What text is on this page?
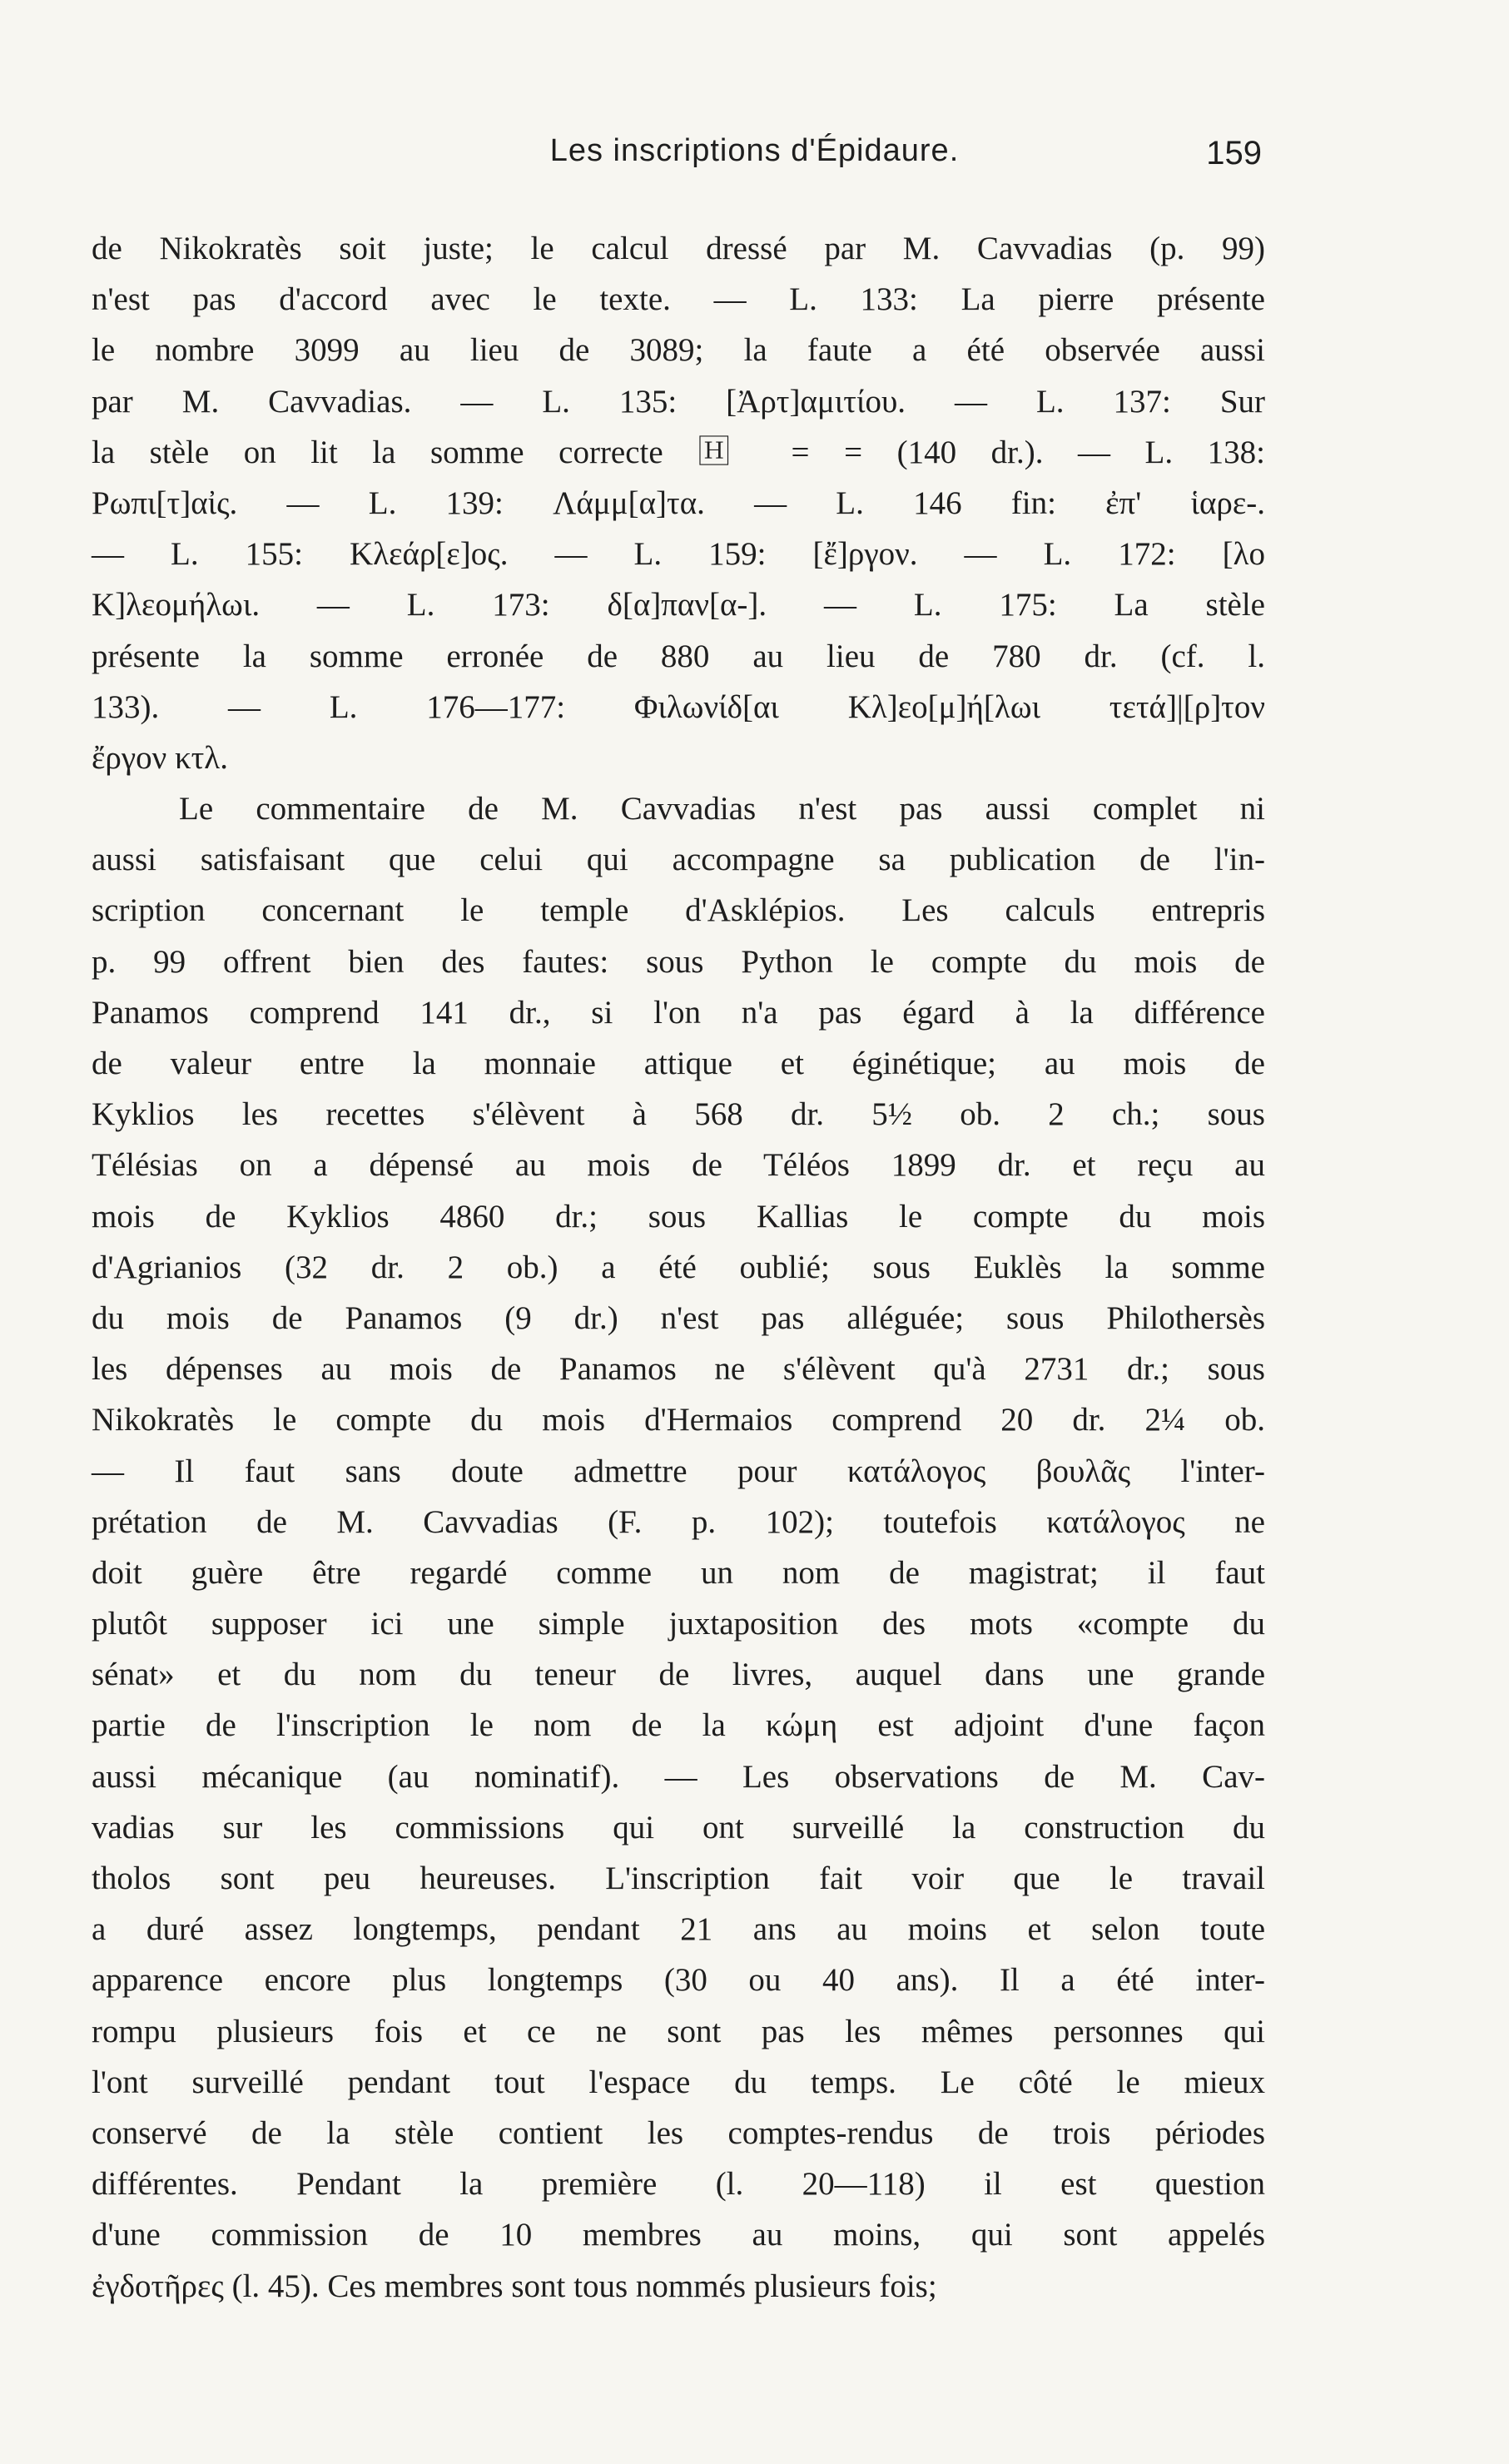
Les inscriptions d'Épidaure.	159
de Nikokratès soit juste; le calcul dressé par M. Cavvadias (p. 99)
n'est pas d'accord avec le texte. — L. 133: La pierre présente
le nombre 3099 au lieu de 3089; la faute a été observée aussi
par M. Cavvadias. — L. 135: [Ἀρτ]αμιτίου. — L. 137: Sur
la stèle on lit la somme correcte 🄷 = = (140 dr.). — L. 138:
Ρωπι[τ]αἰς. — L. 139: Λάμμ[α]τα. — L. 146 fin: ἐπ' ἱαρε-.
— L. 155: Κλεάρ[ε]ος. — L. 159: [ἔ]ργον. — L. 172: [λο
Κ]λεομήλωι. — L. 173: δ[α]παν[α-]. — L. 175: La stèle
présente la somme erronée de 880 au lieu de 780 dr. (cf. l.
133). — L. 176—177: Φιλωνίδ[αι Κλ]εο[μ]ή[λωι τετά]|[ρ]τον
ἔργον κτλ.
Le commentaire de M. Cavvadias n'est pas aussi complet ni
aussi satisfaisant que celui qui accompagne sa publication de l'in-
scription concernant le temple d'Asklépios. Les calculs entrepris
p. 99 offrent bien des fautes: sous Python le compte du mois de
Panamos comprend 141 dr., si l'on n'a pas égard à la différence
de valeur entre la monnaie attique et éginétique; au mois de
Kyklios les recettes s'élèvent à 568 dr. 5½ ob. 2 ch.; sous
Télésias on a dépensé au mois de Téléos 1899 dr. et reçu au
mois de Kyklios 4860 dr.; sous Kallias le compte du mois
d'Agrianios (32 dr. 2 ob.) a été oublié; sous Euklès la somme
du mois de Panamos (9 dr.) n'est pas alléguée; sous Philothersès
les dépenses au mois de Panamos ne s'élèvent qu'à 2731 dr.; sous
Nikokratès le compte du mois d'Hermaios comprend 20 dr. 2¼ ob.
— Il faut sans doute admettre pour κατάλογος βουλᾶς l'inter-
prétation de M. Cavvadias (F. p. 102); toutefois κατάλογος ne
doit guère être regardé comme un nom de magistrat; il faut
plutôt supposer ici une simple juxtaposition des mots «compte du
sénat» et du nom du teneur de livres, auquel dans une grande
partie de l'inscription le nom de la κώμη est adjoint d'une façon
aussi mécanique (au nominatif). — Les observations de M. Cav-
vadias sur les commissions qui ont surveillé la construction du
tholos sont peu heureuses. L'inscription fait voir que le travail
a duré assez longtemps, pendant 21 ans au moins et selon toute
apparence encore plus longtemps (30 ou 40 ans). Il a été inter-
rompu plusieurs fois et ce ne sont pas les mêmes personnes qui
l'ont surveillé pendant tout l'espace du temps. Le côté le mieux
conservé de la stèle contient les comptes-rendus de trois périodes
différentes. Pendant la première (l. 20—118) il est question
d'une commission de 10 membres au moins, qui sont appelés
ἐγδοτῆρες (l. 45). Ces membres sont tous nommés plusieurs fois;
